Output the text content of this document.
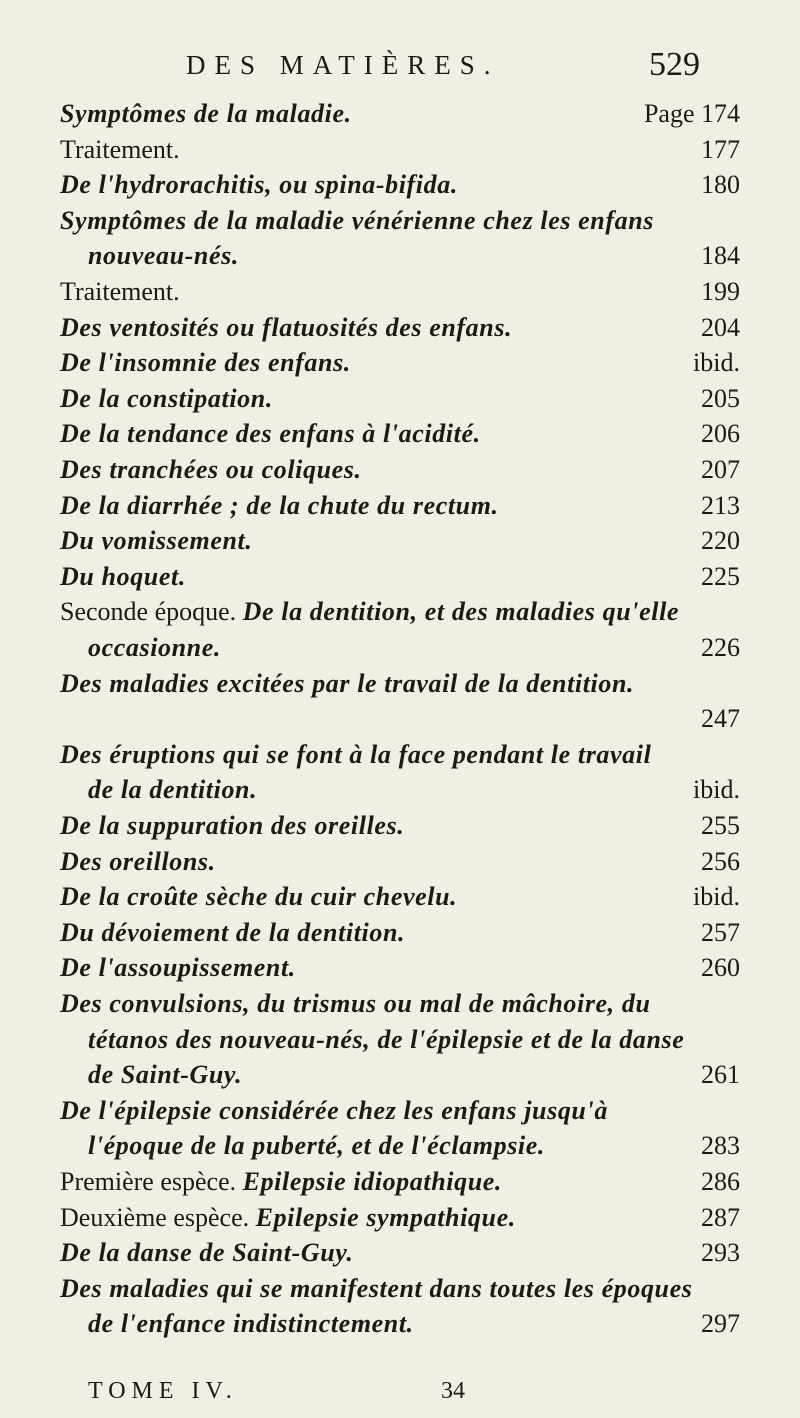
DES MATIÈRES.	529
Symptômes de la maladie.	Page 174
Traitement.	177
De l'hydrorachitis, ou spina-bifida.	180
Symptômes de la maladie vénérienne chez les enfans
nouveau-nés.	184
Traitement.	199
Des ventosités ou flatuosités des enfans.	204
De l'insomnie des enfans.	ibid.
De la constipation.	205
De la tendance des enfans à l'acidité.	206
Des tranchées ou coliques.	207
De la diarrhée ; de la chute du rectum.	213
Du vomissement.	220
Du hoquet.	225
Seconde époque. De la dentition, et des maladies qu'elle
occasionne.	226
Des maladies excitées par le travail de la dentition.
247
Des éruptions qui se font à la face pendant le travail
de la dentition.	ibid.
De la suppuration des oreilles.	255
Des oreillons.	256
De la croûte sèche du cuir chevelu.	ibid.
Du dévoiement de la dentition.	257
De l'assoupissement.	260
Des convulsions, du trismus ou mal de mâchoire, du
tétanos des nouveau-nés, de l'épilepsie et de la danse
de Saint-Guy.	261
De l'épilepsie considérée chez les enfans jusqu'à
l'époque de la puberté, et de l'éclampsie.	283
Première espèce. Epilepsie idiopathique.	286
Deuxième espèce. Epilepsie sympathique.	287
De la danse de Saint-Guy.	293
Des maladies qui se manifestent dans toutes les époques
de l'enfance indistinctement.	297
TOME IV.	34
